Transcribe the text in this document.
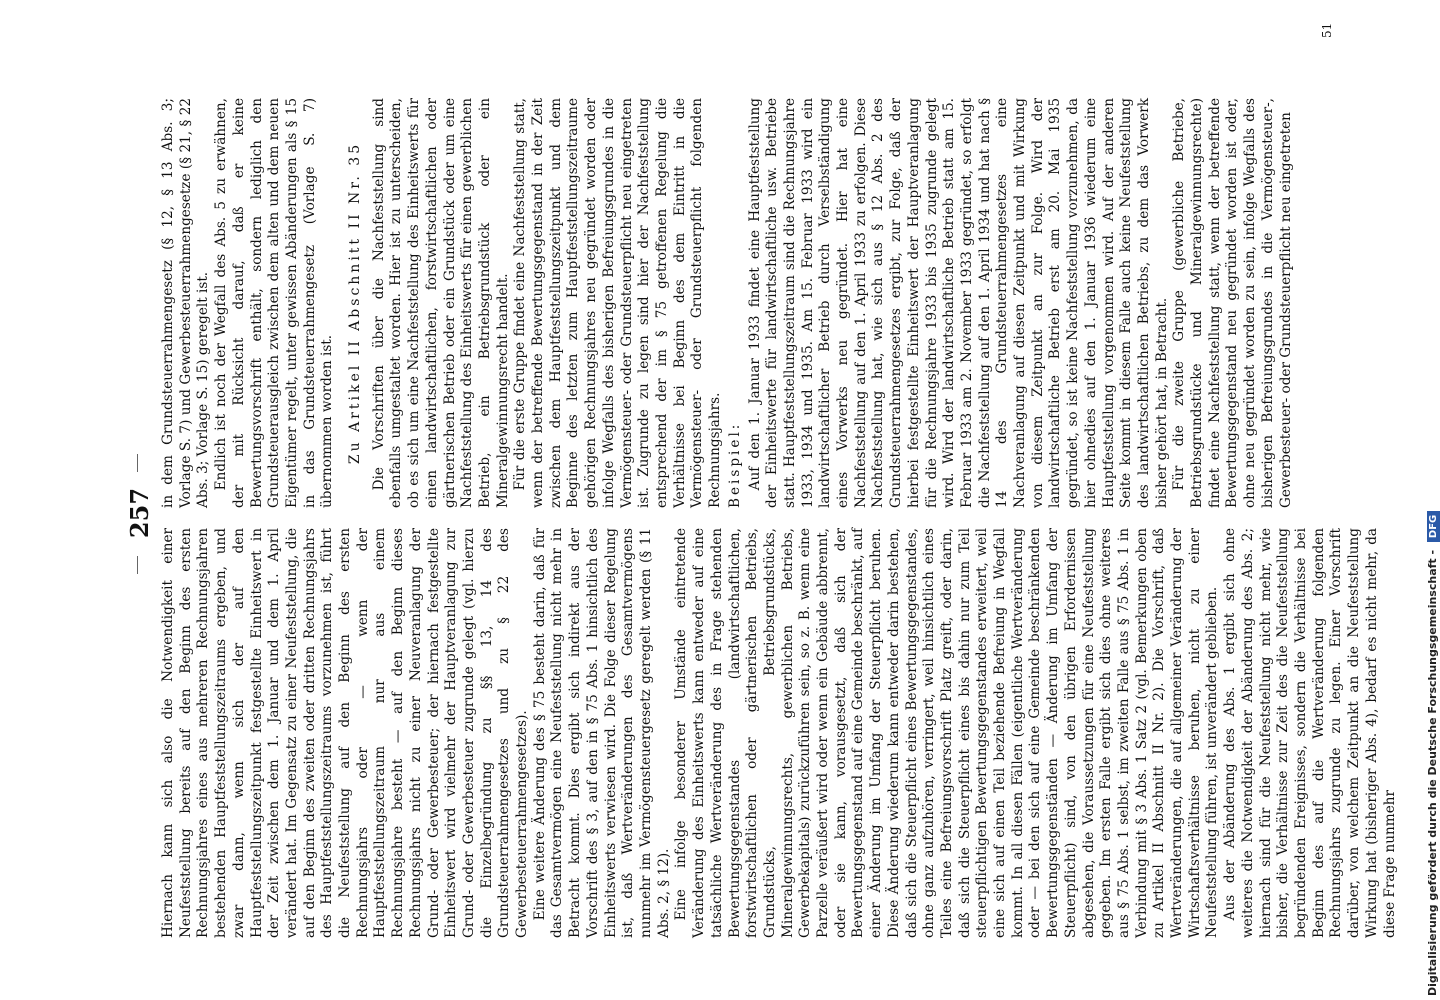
257

Hiernach kann sich also die Notwendigkeit einer Neufeststellung bereits auf den Beginn des ersten Rechnungsjahres eines aus mehreren Rechnungsjahren bestehenden Hauptfeststellungszeitraums ergeben, und zwar dann, wenn sich der auf den Hauptfeststellungszeitpunkt festgestellte Einheitswert in der Zeit zwischen dem 1. Januar und dem 1. April verändert hat. Im Gegensatz zu einer Neufeststellung, die auf den Beginn des zweiten oder dritten Rechnungsjahrs des Hauptfeststellungszeitraums vorzunehmen ist, führt die Neufeststellung auf den Beginn des ersten Rechnungsjahrs oder — wenn der Hauptfeststellungszeitraum nur aus einem Rechnungsjahre besteht — auf den Beginn dieses Rechnungsjahrs nicht zu einer Neuveranlagung der Grund- oder Gewerbesteuer; der hiernach festgestellte Einheitswert wird vielmehr der Hauptveranlagung zur Grund- oder Gewerbesteuer zugrunde gelegt (vgl. hierzu die Einzelbegründung zu §§ 13, 14 des Grundsteuerrahmengesetzes und zu § 22 des Gewerbesteuerrahmengesetzes). Eine weitere Änderung des § 75 besteht darin, daß für das Gesamtvermögen eine Neufeststellung nicht mehr in Betracht kommt. Dies ergibt sich indirekt aus der Vorschrift des § 3, auf den in § 75 Abs. 1 hinsichtlich des Einheitswerts verwiesen wird. Die Folge dieser Regelung ist, daß Wertveränderungen des Gesamtvermögens nunmehr im Vermögensteuergesetz geregelt werden (§ 11 Abs. 2, § 12). Eine infolge besonderer Umstände eintretende Veränderung des Einheitswerts kann entweder auf eine tatsächliche Wertveränderung des in Frage stehenden Bewertungsgegenstandes (landwirtschaftlichen, forstwirtschaftlichen oder gärtnerischen Betriebs, Grundstücks, Betriebsgrundstücks, Mineralgewinnungsrechts, gewerblichen Betriebs, Gewerbekapitals) zurückzuführen sein, so z. B. wenn eine Parzelle veräußert wird oder wenn ein Gebäude abbrennt, oder sie kann, vorausgesetzt, daß sich der Bewertungsgegenstand auf eine Gemeinde beschränkt, auf einer Änderung im Umfang der Steuerpflicht beruhen. Diese Änderung wiederum kann entweder darin bestehen, daß sich die Steuerpflicht eines Bewertungsgegenstandes, ohne ganz aufzuhören, verringert, weil hinsichtlich eines Teiles eine Befreiungsvorschrift Platz greift, oder darin, daß sich die Steuerpflicht eines bis dahin nur zum Teil steuerpflichtigen Bewertungsgegenstandes erweitert, weil eine sich auf einen Teil beziehende Befreiung in Wegfall kommt. In all diesen Fällen (eigentliche Wertveränderung oder — bei den sich auf eine Gemeinde beschränkenden Bewertungsgegenständen — Änderung im Umfang der Steuerpflicht) sind, von den übrigen Erfordernissen abgesehen, die Voraussetzungen für eine Neufeststellung gegeben. Im ersten Falle ergibt sich dies ohne weiteres aus § 75 Abs. 1 selbst, im zweiten Falle aus § 75 Abs. 1 in Verbindung mit § 3 Abs. 1 Satz 2 (vgl. Bemerkungen oben zu Artikel II Abschnitt II Nr. 2). Die Vorschrift, daß Wertveränderungen, die auf allgemeiner Veränderung der Wirtschaftsverhältnisse beruhen, nicht zu einer Neufeststellung führen, ist unverändert geblieben. Aus der Abänderung des Abs. 1 ergibt sich ohne weiteres die Notwendigkeit der Abänderung des Abs. 2; hiernach sind für die Neufeststellung nicht mehr, wie bisher, die Verhältnisse zur Zeit des die Neufeststellung begründenden Ereignisses, sondern die Verhältnisse bei Beginn des auf die Wertveränderung folgenden Rechnungsjahrs zugrunde zu legen. Einer Vorschrift darüber, von welchem Zeitpunkt an die Neufeststellung Wirkung hat (bisheriger Abs. 4), bedarf es nicht mehr, da diese Frage nunmehr

in dem Grundsteuerrahmengesetz (§ 12, § 13 Abs. 3; Vorlage S. 7) und Gewerbesteuerrahmengesetze (§ 21, § 22 Abs. 3; Vorlage S. 15) geregelt ist. Endlich ist noch der Wegfall des Abs. 5 zu erwähnen, der mit Rücksicht darauf, daß er keine Bewertungsvorschrift enthält, sondern lediglich den Grundsteuerausgleich zwischen dem alten und dem neuen Eigentümer regelt, unter gewissen Abänderungen als § 15 in das Grundsteuerrahmengesetz (Vorlage S. 7) übernommen worden ist. Zu Artikel II Abschnitt II Nr. 35 Die Vorschriften über die Nachfeststellung sind ebenfalls umgestaltet worden. Hier ist zu unterscheiden, ob es sich um eine Nachfeststellung des Einheitswerts für einen landwirtschaftlichen, forstwirtschaftlichen oder gärtnerischen Betrieb oder ein Grundstück oder um eine Nachfeststellung des Einheitswerts für einen gewerblichen Betrieb, ein Betriebsgrundstück oder ein Mineralgewinnungsrecht handelt. Für die erste Gruppe findet eine Nachfeststellung statt, wenn der betreffende Bewertungsgegenstand in der Zeit zwischen dem Hauptfeststellungszeitpunkt und dem Beginne des letzten zum Hauptfeststellungszeitraume gehörigen Rechnungsjahres neu gegründet worden oder infolge Wegfalls des bisherigen Befreiungsgrundes in die Vermögensteuer- oder Grundsteuerpflicht neu eingetreten ist. Zugrunde zu legen sind hier der Nachfeststellung entsprechend der im § 75 getroffenen Regelung die Verhältnisse bei Beginn des dem Eintritt in die Vermögensteuer- oder Grundsteuerpflicht folgenden Rechnungsjahrs. Beispiel: Auf den 1. Januar 1933 findet eine Hauptfeststellung der Einheitswerte für landwirtschaftliche usw. Betriebe statt. Hauptfeststellungszeitraum sind die Rechnungsjahre 1933, 1934 und 1935. Am 15. Februar 1933 wird ein landwirtschaftlicher Betrieb durch Verselbständigung eines Vorwerks neu gegründet. Hier hat eine Nachfeststellung auf den 1. April 1933 zu erfolgen. Diese Nachfeststellung hat, wie sich aus § 12 Abs. 2 des Grundsteuerrahmengesetzes ergibt, zur Folge, daß der hierbei festgestellte Einheitswert der Hauptveranlagung für die Rechnungsjahre 1933 bis 1935 zugrunde gelegt wird. Wird der landwirtschaftliche Betrieb statt am 15. Februar 1933 am 2. November 1933 gegründet, so erfolgt die Nachfeststellung auf den 1. April 1934 und hat nach § 14 des Grundsteuerrahmengesetzes eine Nachveranlagung auf diesen Zeitpunkt und mit Wirkung von diesem Zeitpunkt an zur Folge. Wird der landwirtschaftliche Betrieb erst am 20. Mai 1935 gegründet, so ist keine Nachfeststellung vorzunehmen, da hier ohnedies auf den 1. Januar 1936 wiederum eine Hauptfeststellung vorgenommen wird. Auf der anderen Seite kommt in diesem Falle auch keine Neufeststellung des landwirtschaftlichen Betriebs, zu dem das Vorwerk bisher gehört hat, in Betracht. Für die zweite Gruppe (gewerbliche Betriebe, Betriebsgrundstücke und Mineralgewinnungsrechte) findet eine Nachfeststellung statt, wenn der betreffende Bewertungsgegenstand neu gegründet worden ist oder, ohne neu gegründet worden zu sein, infolge Wegfalls des bisherigen Befreiungsgrundes in die Vermögensteuer-, Gewerbesteuer- oder Grundsteuerpflicht neu eingetreten

51
Digitalisierung gefördert durch die Deutsche Forschungsgemeinschaft - DFG
